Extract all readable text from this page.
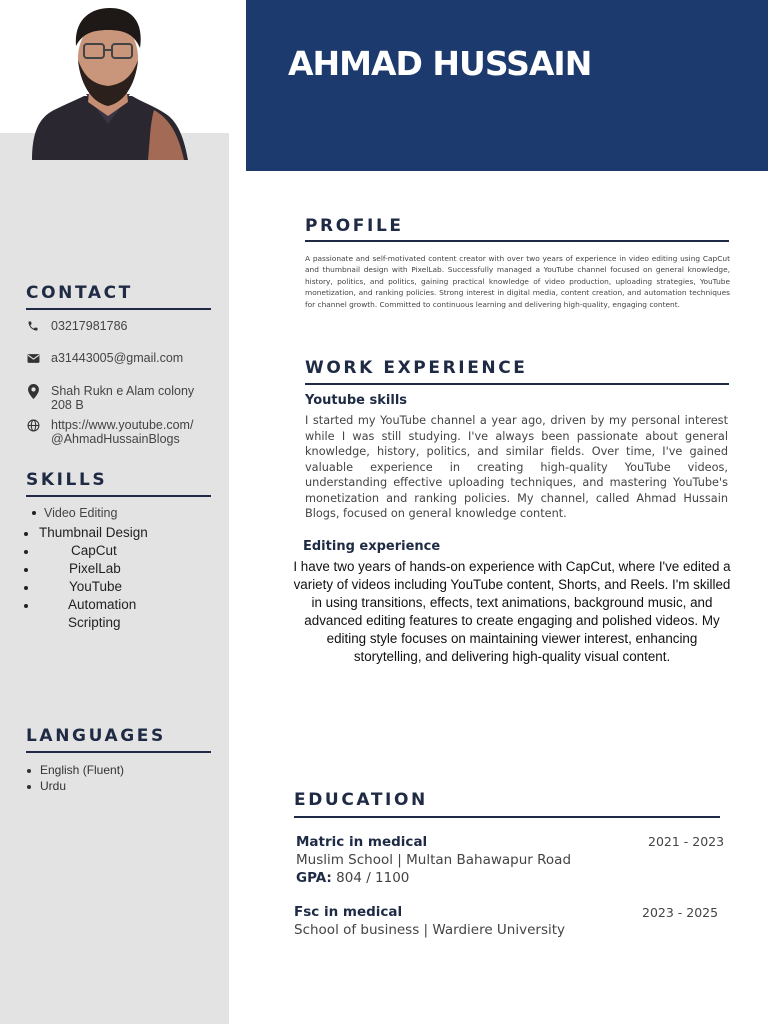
AHMAD HUSSAIN
CONTACT
03217981786
a31443005@gmail.com
Shah Rukn e Alam colony
208 B
https://www.youtube.com/
@AhmadHussainBlogs
SKILLS
Video Editing
Thumbnail Design
CapCut
PixelLab
YouTube
Automation
Scripting
LANGUAGES
English (Fluent)
Urdu
PROFILE

A passionate and self-motivated content creator with over two years of experience in video editing using CapCut and thumbnail design with PixelLab. Successfully managed a YouTube channel focused on general knowledge, history, politics, and politics, gaining practical knowledge of video production, uploading strategies, YouTube monetization, and ranking policies. Strong interest in digital media, content creation, and automation techniques for channel growth. Committed to continuous learning and delivering high-quality, engaging content.

WORK EXPERIENCE
Youtube skills

I started my YouTube channel a year ago, driven by my personal interest while I was still studying. I've always been passionate about general knowledge, history, politics, and similar fields. Over time, I've gained valuable experience in creating high-quality YouTube videos, understanding effective uploading techniques, and mastering YouTube's monetization and ranking policies. My channel, called Ahmad Hussain Blogs, focused on general knowledge content.

Editing experience

I have two years of hands-on experience with CapCut, where I've edited a variety of videos including YouTube content, Shorts, and Reels. I'm skilled in using transitions, effects, text animations, background music, and advanced editing features to create engaging and polished videos. My editing style focuses on maintaining viewer interest, enhancing storytelling, and delivering high-quality visual content.

EDUCATION
Matric in medical	2021 - 2023
Muslim School | Multan Bahawapur Road
GPA: 804 / 1100
Fsc in medical	2023 - 2025
School of business | Wardiere University
